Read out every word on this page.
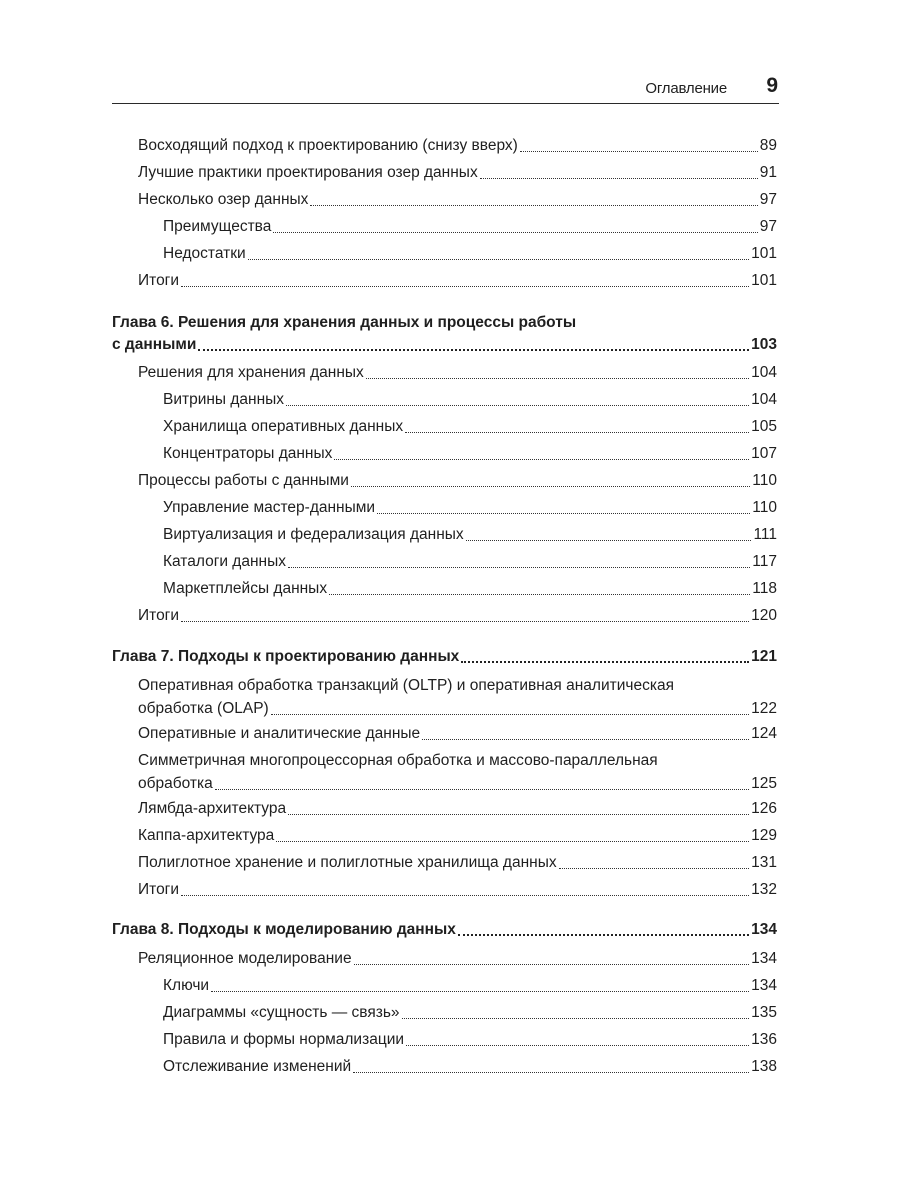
Оглавление 9
Восходящий подход к проектированию (снизу вверх)	89
Лучшие практики проектирования озер данных	91
Несколько озер данных	97
Преимущества	97
Недостатки	101
Итоги	101
Глава 6. Решения для хранения данных и процессы работы
с данными	103
Решения для хранения данных	104
Витрины данных	104
Хранилища оперативных данных	105
Концентраторы данных	107
Процессы работы с данными	110
Управление мастер-данными	110
Виртуализация и федерализация данных	111
Каталоги данных	117
Маркетплейсы данных	118
Итоги	120
Глава 7. Подходы к проектированию данных	121
Оперативная обработка транзакций (OLTP) и оперативная аналитическая
обработка (OLAP)	122
Оперативные и аналитические данные	124
Симметричная многопроцессорная обработка и массово-параллельная
обработка	125
Лямбда-архитектура	126
Каппа-архитектура	129
Полиглотное хранение и полиглотные хранилища данных	131
Итоги	132
Глава 8. Подходы к моделированию данных	134
Реляционное моделирование	134
Ключи	134
Диаграммы «сущность — связь»	135
Правила и формы нормализации	136
Отслеживание изменений	138
